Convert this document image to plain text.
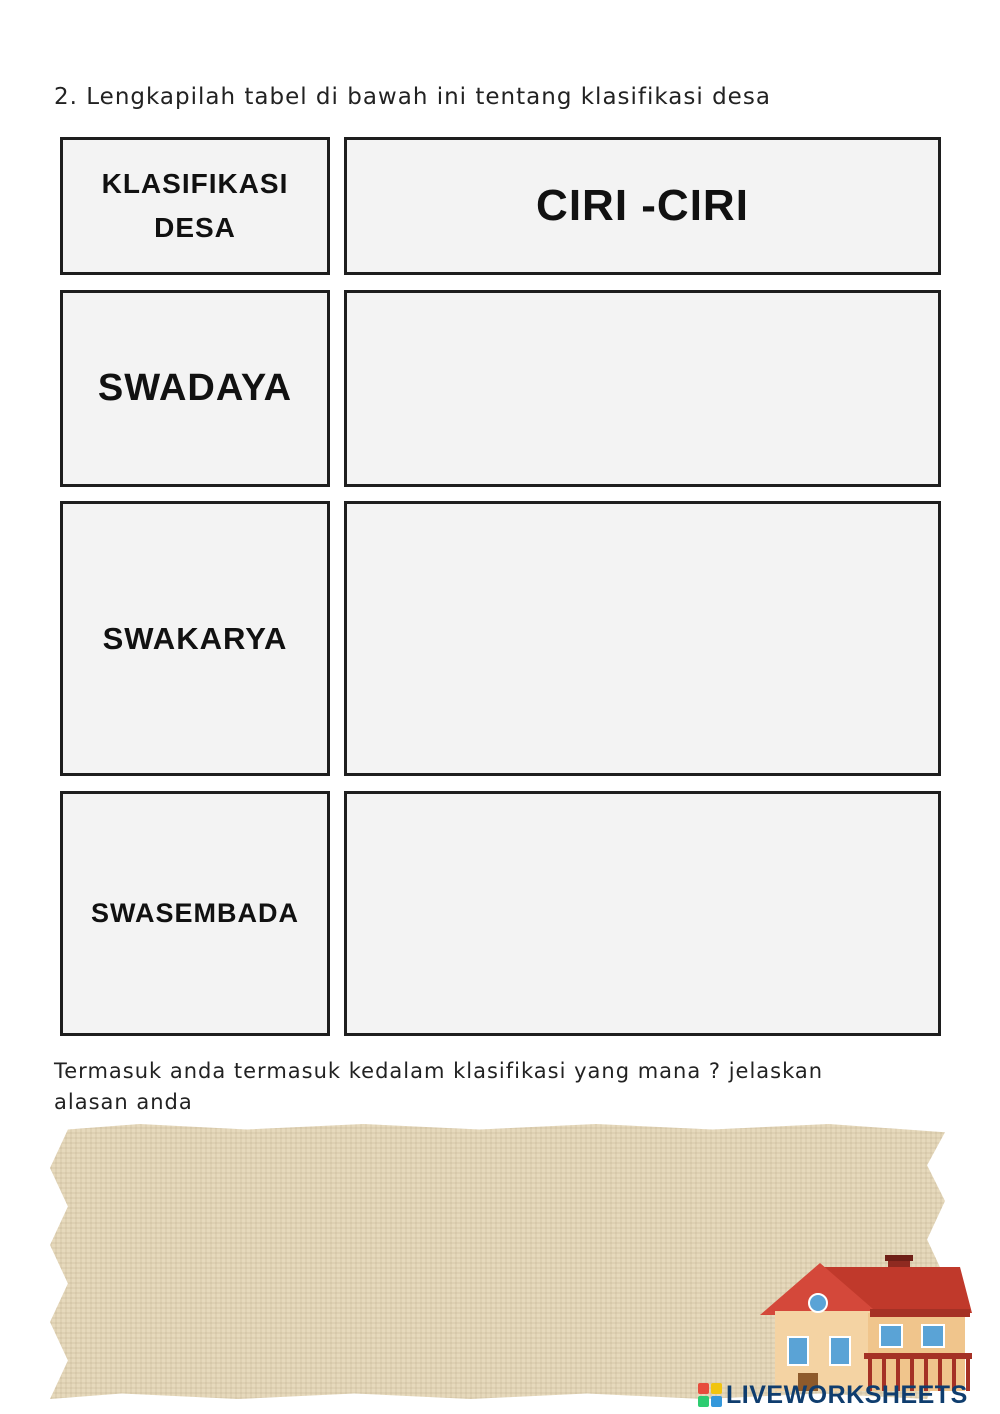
2. Lengkapilah tabel di bawah ini tentang klasifikasi desa
KLASIFIKASI
DESA	CIRI -CIRI
SWADAYA
SWAKARYA
SWASEMBADA
Termasuk anda termasuk kedalam klasifikasi yang mana ? jelaskan
alasan anda
LIVEWORKSHEETS
